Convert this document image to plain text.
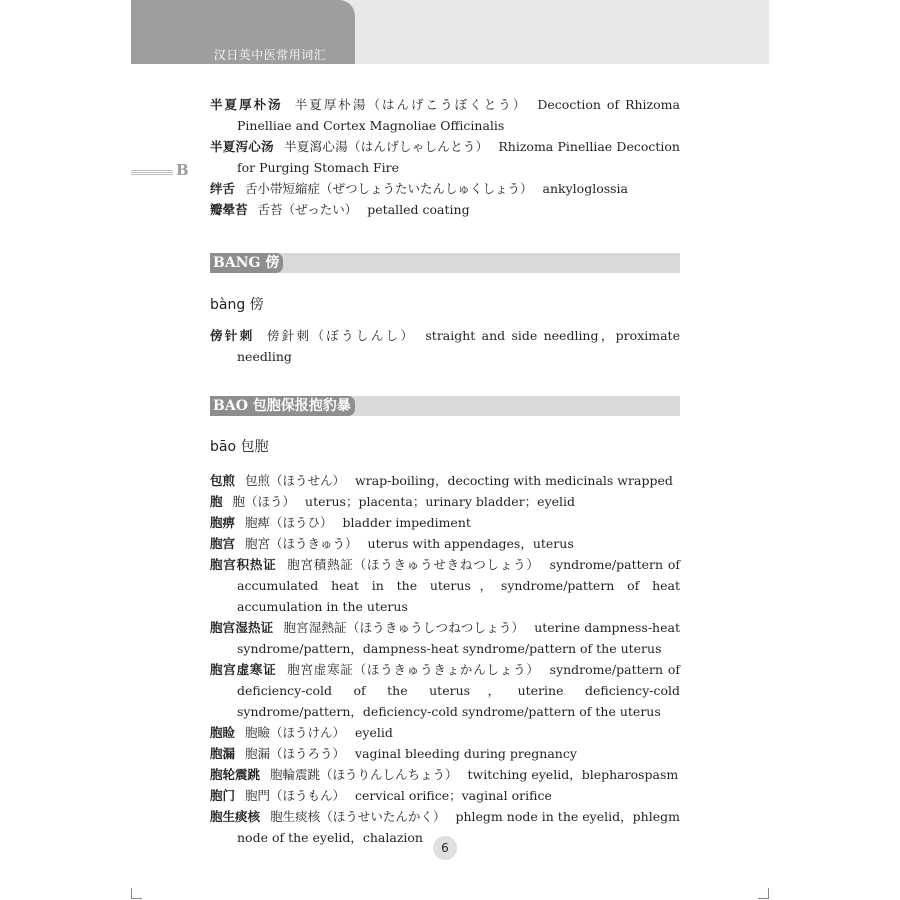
汉日英中医常用词汇
B

半夏厚朴汤 半夏厚朴湯（はんげこうぼくとう） Decoction of Rhizoma Pinelliae and Cortex Magnoliae Officinalis

半夏泻心汤 半夏瀉心湯（はんげしゃしんとう） Rhizoma Pinelliae Decoction for Purging Stomach Fire

绊舌 舌小帯短縮症（ぜつしょうたいたんしゅくしょう） ankyloglossia

瓣晕苔 舌苔（ぜったい） petalled coating

BANG 傍

bàng 傍

傍针刺 傍針刺（ぼうしんし） straight and side needling，proximate needling

BAO 包胞保报抱豹暴

bāo 包胞

包煎 包煎（ほうせん） wrap-boiling，decocting with medicinals wrapped

胞 胞（ほう） uterus；placenta；urinary bladder；eyelid

胞痹 胞痺（ほうひ） bladder impediment

胞宫 胞宮（ほうきゅう） uterus with appendages，uterus

胞宫积热证 胞宮積熱証（ほうきゅうせきねつしょう） syndrome/pattern of accumulated heat in the uterus，syndrome/pattern of heat accumulation in the uterus

胞宫湿热证 胞宮湿熱証（ほうきゅうしつねつしょう） uterine dampness-heat syndrome/pattern，dampness-heat syndrome/pattern of the uterus

胞宫虚寒证 胞宮虚寒証（ほうきゅうきょかんしょう） syndrome/pattern of deficiency-cold of the uterus，uterine deficiency-cold syndrome/pattern，deficiency-cold syndrome/pattern of the uterus

胞睑 胞瞼（ほうけん） eyelid

胞漏 胞漏（ほうろう） vaginal bleeding during pregnancy

胞轮震跳 胞輪震跳（ほうりんしんちょう） twitching eyelid，blepharospasm

胞门 胞門（ほうもん） cervical orifice；vaginal orifice

胞生痰核 胞生痰核（ほうせいたんかく） phlegm node in the eyelid，phlegm node of the eyelid，chalazion

6
